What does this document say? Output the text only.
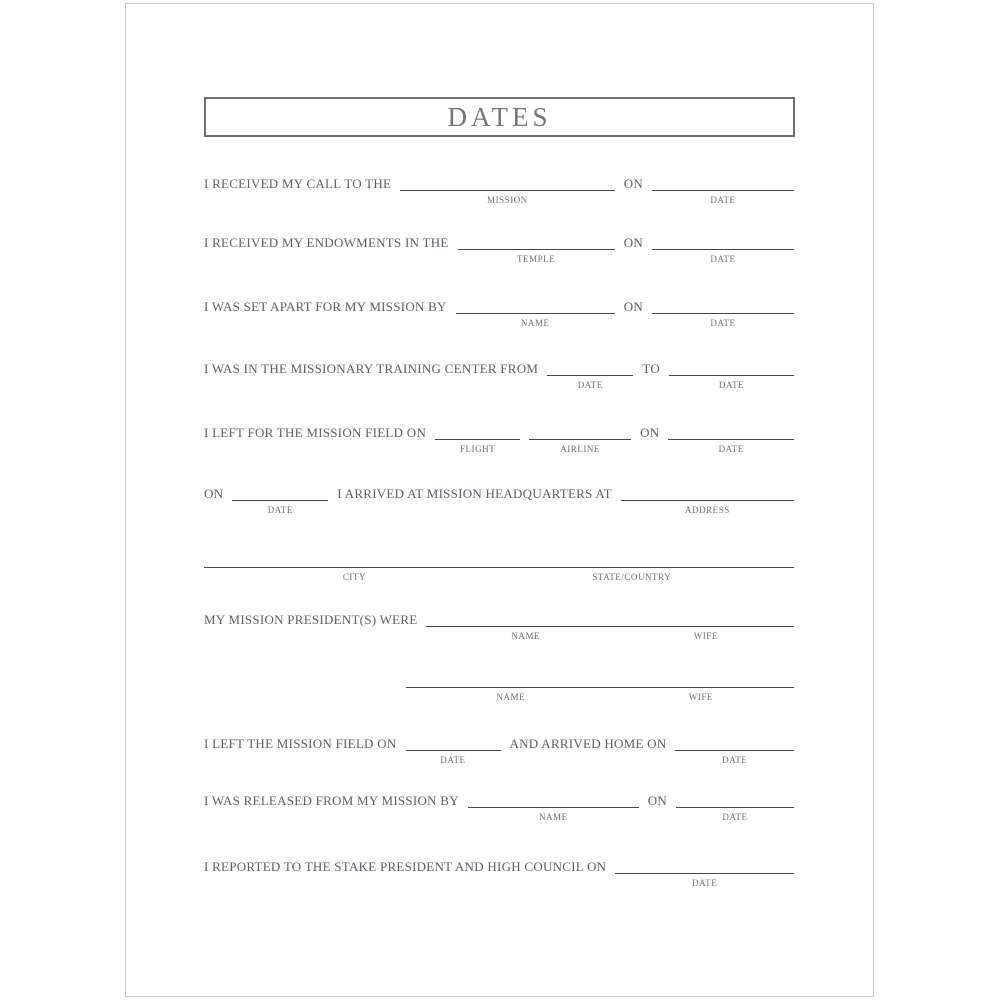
DATES
I RECEIVED MY CALL TO THE
MISSION
ON
DATE
I RECEIVED MY ENDOWMENTS IN THE
TEMPLE
ON
DATE
I WAS SET APART FOR MY MISSION BY
NAME
ON
DATE
I WAS IN THE MISSIONARY TRAINING CENTER FROM
DATE
TO
DATE
I LEFT FOR THE MISSION FIELD ON
FLIGHT	AIRLINE
ON
DATE
ON
DATE
I ARRIVED AT MISSION HEADQUARTERS AT
ADDRESS
CITY	STATE/COUNTRY
MY MISSION PRESIDENT(S) WERE
NAME	WIFE
NAME	WIFE
I LEFT THE MISSION FIELD ON
DATE
AND ARRIVED HOME ON
DATE
I WAS RELEASED FROM MY MISSION BY
NAME
ON
DATE
I REPORTED TO THE STAKE PRESIDENT AND HIGH COUNCIL ON
DATE
